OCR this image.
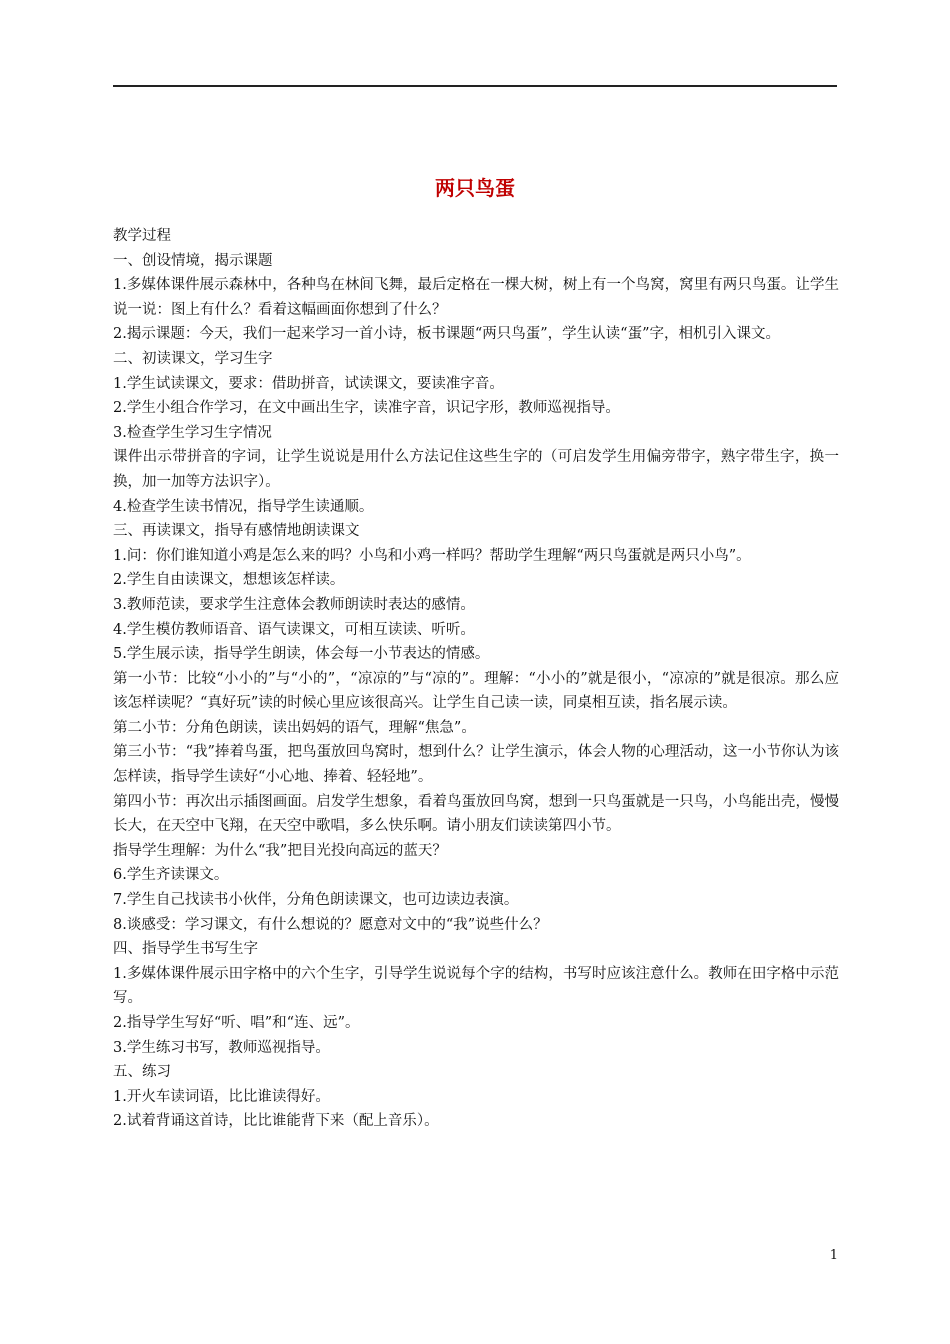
两只鸟蛋

教学过程

一、创设情境，揭示课题

1.多媒体课件展示森林中，各种鸟在林间飞舞，最后定格在一棵大树，树上有一个鸟窝，窝里有两只鸟蛋。让学生说一说：图上有什么？看着这幅画面你想到了什么？

2.揭示课题：今天，我们一起来学习一首小诗，板书课题“两只鸟蛋”，学生认读“蛋”字，相机引入课文。

二、初读课文，学习生字

1.学生试读课文，要求：借助拼音，试读课文，要读准字音。

2.学生小组合作学习，在文中画出生字，读准字音，识记字形，教师巡视指导。

3.检查学生学习生字情况

课件出示带拼音的字词，让学生说说是用什么方法记住这些生字的（可启发学生用偏旁带字，熟字带生字，换一换，加一加等方法识字）。

4.检查学生读书情况，指导学生读通顺。

三、再读课文，指导有感情地朗读课文

1.问：你们谁知道小鸡是怎么来的吗？小鸟和小鸡一样吗？帮助学生理解“两只鸟蛋就是两只小鸟”。

2.学生自由读课文，想想该怎样读。

3.教师范读，要求学生注意体会教师朗读时表达的感情。

4.学生模仿教师语音、语气读课文，可相互读读、听听。

5.学生展示读，指导学生朗读，体会每一小节表达的情感。

第一小节：比较“小小的”与“小的”，“凉凉的”与“凉的”。理解：“小小的”就是很小，“凉凉的”就是很凉。那么应该怎样读呢？“真好玩”读的时候心里应该很高兴。让学生自己读一读，同桌相互读，指名展示读。

第二小节：分角色朗读，读出妈妈的语气，理解“焦急”。

第三小节：“我”捧着鸟蛋，把鸟蛋放回鸟窝时，想到什么？让学生演示，体会人物的心理活动，这一小节你认为该怎样读，指导学生读好“小心地、捧着、轻轻地”。

第四小节：再次出示插图画面。启发学生想象，看着鸟蛋放回鸟窝，想到一只鸟蛋就是一只鸟，小鸟能出壳，慢慢长大，在天空中飞翔，在天空中歌唱，多么快乐啊。请小朋友们读读第四小节。

指导学生理解：为什么“我”把目光投向高远的蓝天？

6.学生齐读课文。

7.学生自己找读书小伙伴，分角色朗读课文，也可边读边表演。

8.谈感受：学习课文，有什么想说的？愿意对文中的“我”说些什么？

四、指导学生书写生字

1.多媒体课件展示田字格中的六个生字，引导学生说说每个字的结构，书写时应该注意什么。教师在田字格中示范写。

2.指导学生写好“听、唱”和“连、远”。

3.学生练习书写，教师巡视指导。

五、练习

1.开火车读词语，比比谁读得好。

2.试着背诵这首诗，比比谁能背下来（配上音乐）。

1
